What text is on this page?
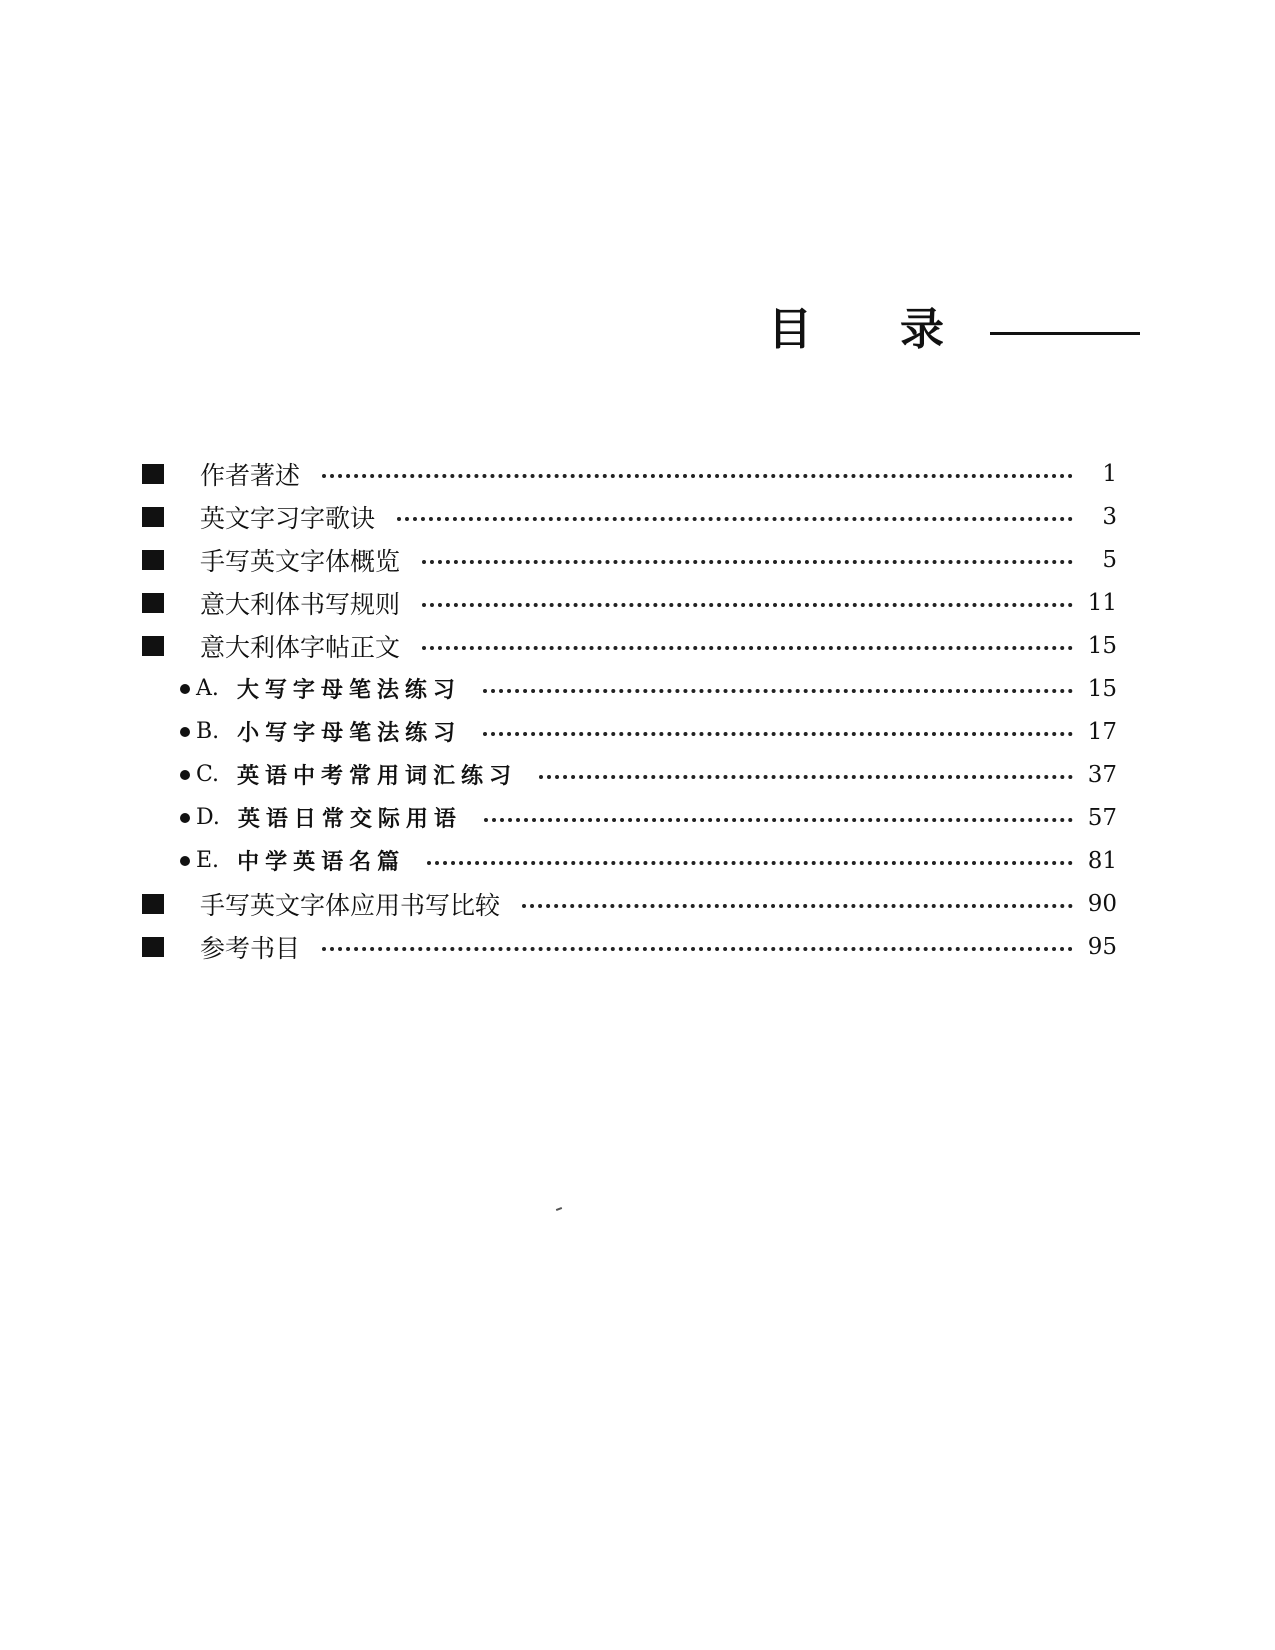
目 录
作者著述	1
英文字习字歌诀	3
手写英文字体概览	5
意大利体书写规则	11
意大利体字帖正文	15
A. 大写字母笔法练习	15
B. 小写字母笔法练习	17
C. 英语中考常用词汇练习	37
D. 英语日常交际用语	57
E. 中学英语名篇	81
手写英文字体应用书写比较	90
参考书目	95
